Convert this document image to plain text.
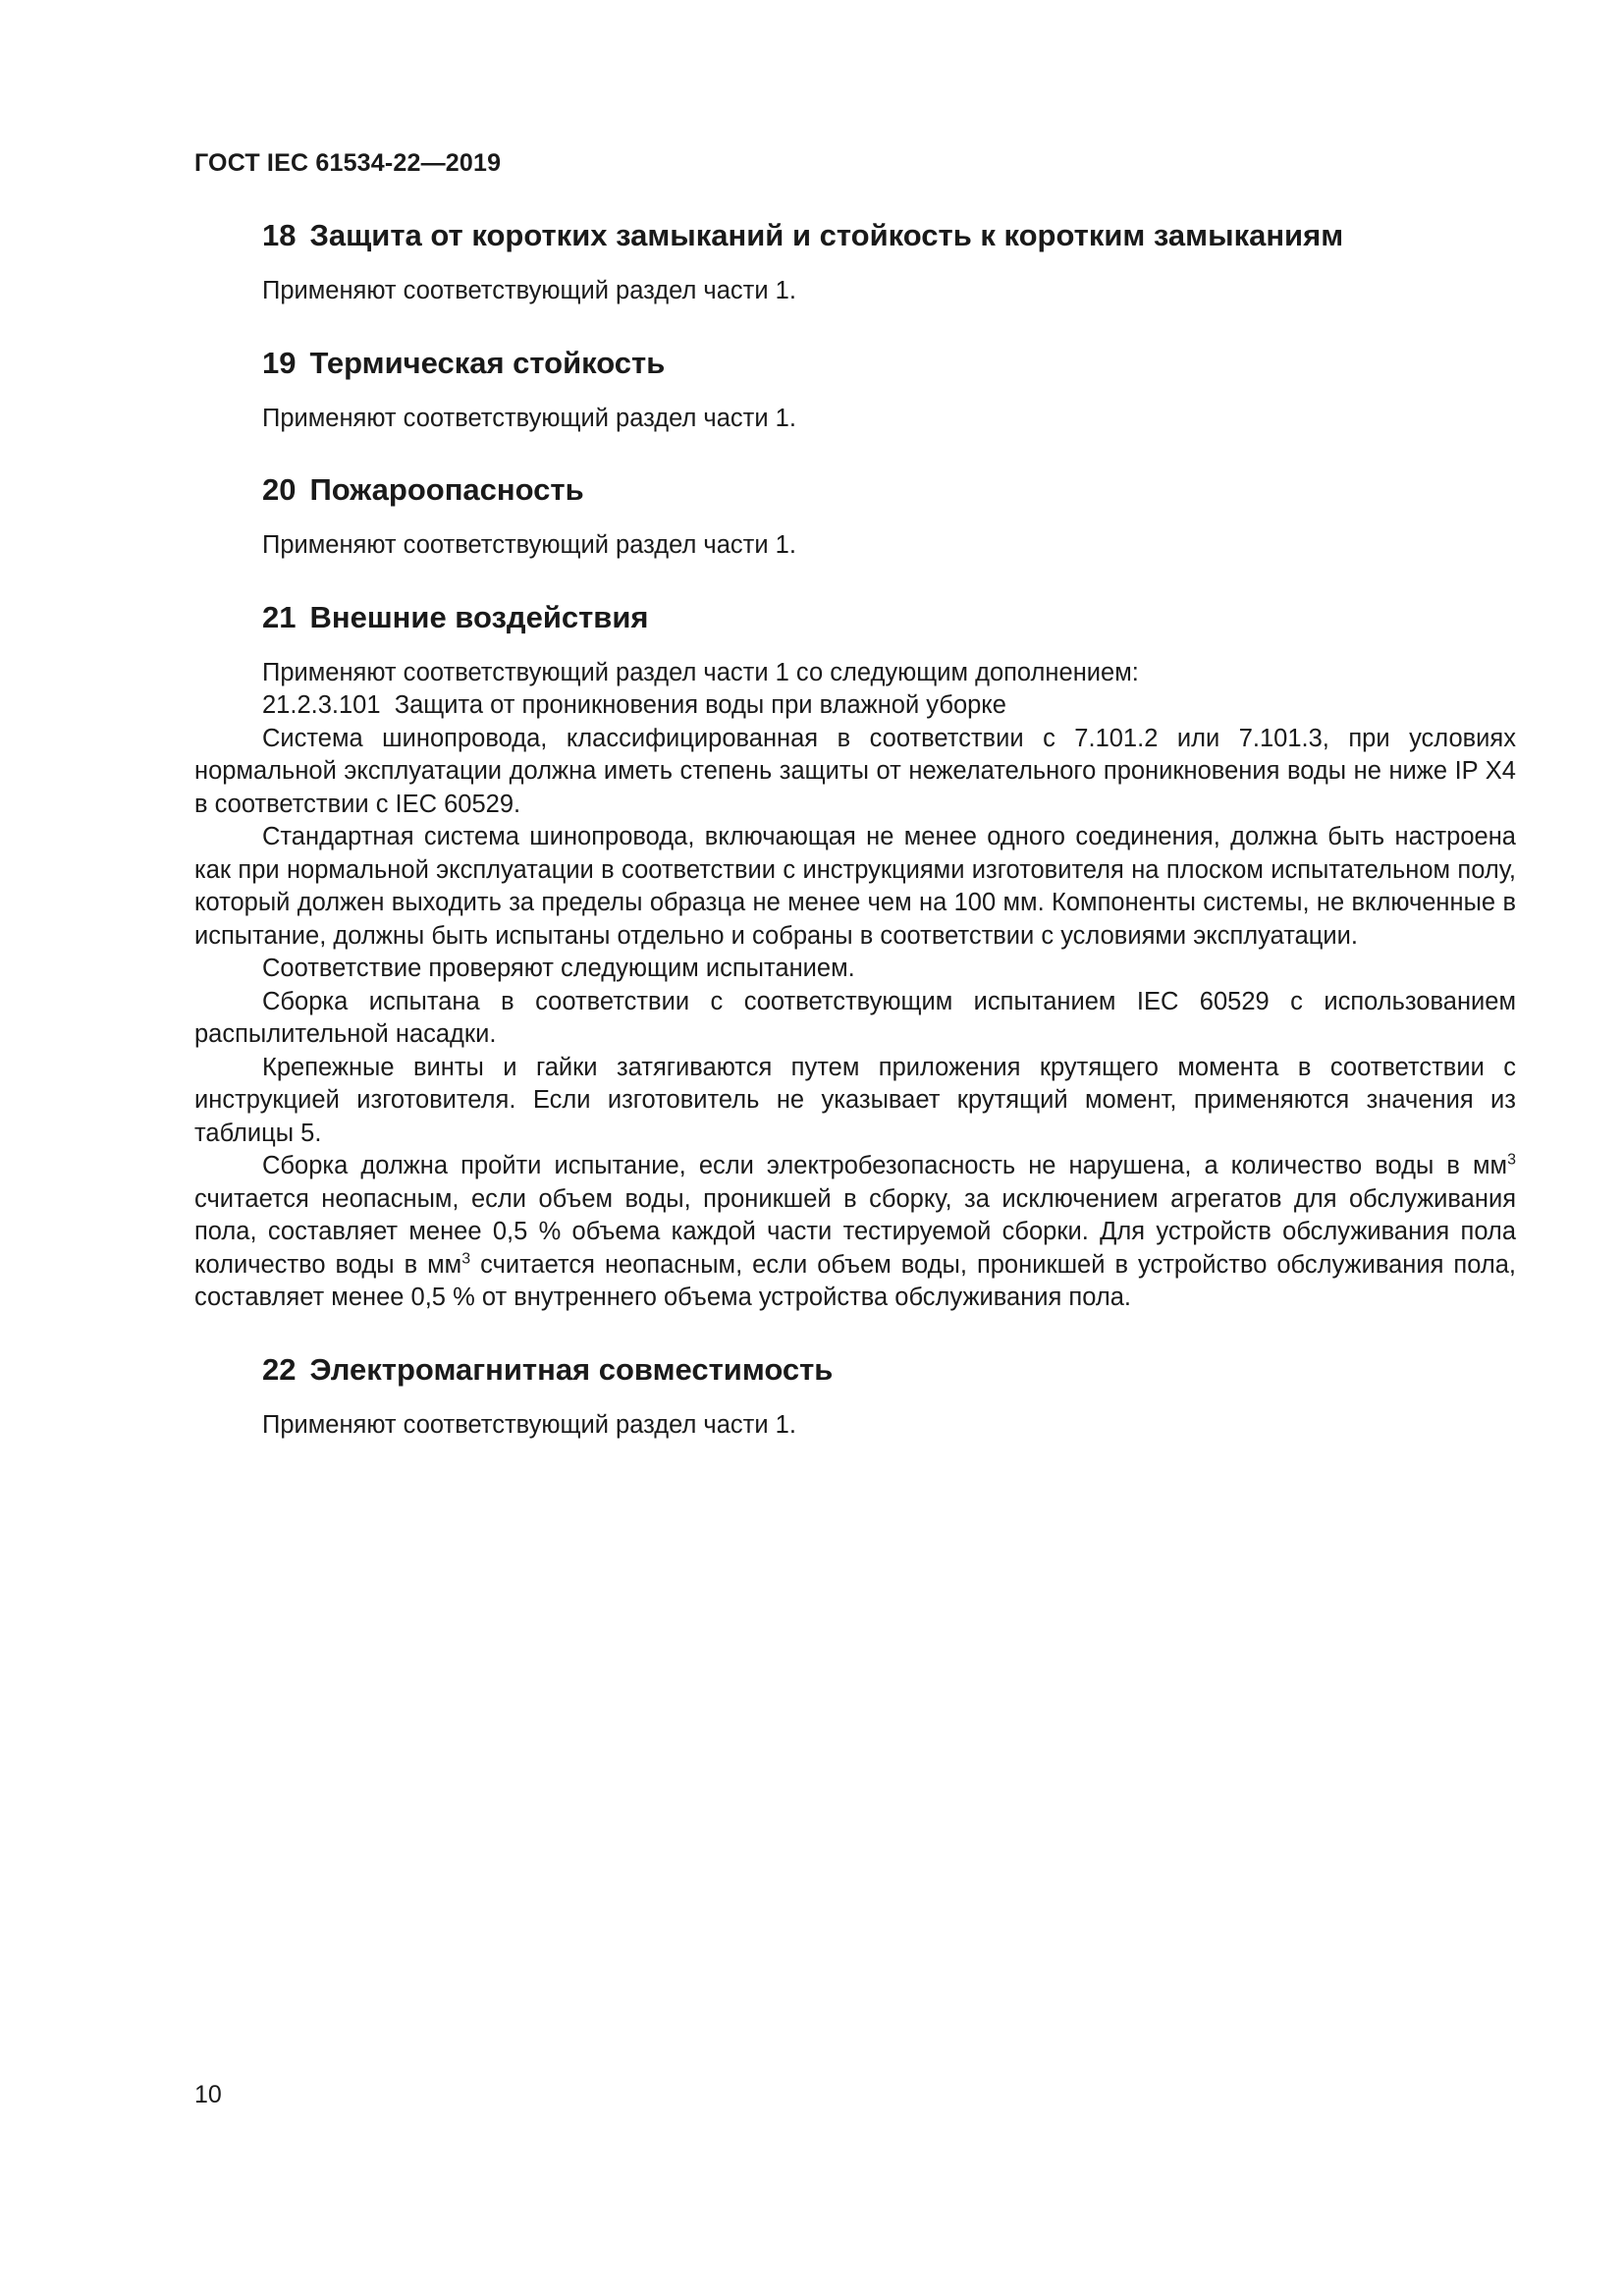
ГОСТ IEC 61534-22—2019
18 Защита от коротких замыканий и стойкость к коротким замыканиям

Применяют соответствующий раздел части 1.

19 Термическая стойкость

Применяют соответствующий раздел части 1.

20 Пожароопасность

Применяют соответствующий раздел части 1.

21 Внешние воздействия

Применяют соответствующий раздел части 1 со следующим дополнением:

21.2.3.101  Защита от проникновения воды при влажной уборке

Система шинопровода, классифицированная в соответствии с 7.101.2 или 7.101.3, при условиях нормальной эксплуатации должна иметь степень защиты от нежелательного проникновения воды не ниже IP X4 в соответствии с IEC 60529.

Стандартная система шинопровода, включающая не менее одного соединения, должна быть настроена как при нормальной эксплуатации в соответствии с инструкциями изготовителя на плоском испытательном полу, который должен выходить за пределы образца не менее чем на 100 мм. Компоненты системы, не включенные в испытание, должны быть испытаны отдельно и собраны в соответствии с условиями эксплуатации.

Соответствие проверяют следующим испытанием.

Сборка испытана в соответствии с соответствующим испытанием IEC 60529 с использованием распылительной насадки.

Крепежные винты и гайки затягиваются путем приложения крутящего момента в соответствии с инструкцией изготовителя. Если изготовитель не указывает крутящий момент, применяются значения из таблицы 5.

Сборка должна пройти испытание, если электробезопасность не нарушена, а количество воды в $мм^3$ считается неопасным, если объем воды, проникшей в сборку, за исключением агрегатов для обслуживания пола, составляет менее 0,5 % объема каждой части тестируемой сборки. Для устройств обслуживания пола количество воды в $мм^3$ считается неопасным, если объем воды, проникшей в устройство обслуживания пола, составляет менее 0,5 % от внутреннего объема устройства обслуживания пола.

22 Электромагнитная совместимость

Применяют соответствующий раздел части 1.

10
